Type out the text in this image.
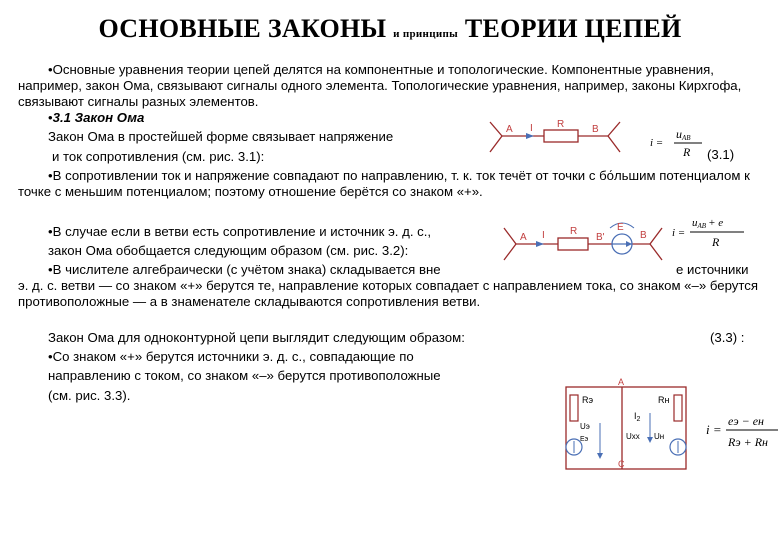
ОСНОВНЫЕ ЗАКОНЫ и принципы ТЕОРИИ ЦЕПЕЙ
•Основные уравнения теории цепей делятся на компонентные и топологические. Компонентные уравнения, например, закон Ома, связывают сигналы одного элемента. Топологические уравнения, например, законы Кирхгофа, связывают сигналы разных элементов.
•3.1 Закон Ома
Закон Ома в простейшей форме связывает напряжение
и ток сопротивления (см. рис. 3.1):	(3.1)
•В сопротивлении ток и напряжение совпадают по направлению, т. к. ток течёт от точки с бо́льшим потенциалом к точке с меньшим потенциалом; поэтому отношение берётся со знаком «+».
•В случае если в ветви есть сопротивление и источник э. д. с.,
закон Ома обобщается следующим образом (см. рис. 3.2):
•В числителе алгебраически (с учётом знака) складывается вне	е источники
э. д. с. ветви — со знаком «+» берутся те, направление которых совпадает с направлением тока, со знаком «–» берутся противоположные — а в знаменателе складываются сопротивления ветви.
Закон Ома для одноконтурной цепи выглядит следующим образом:	(3.3) :
•Со знаком «+» берутся источники э. д. с., совпадающие по
направлению с током, со знаком «–» берутся противоположные
(см. рис. 3.3).
A I R	B
i =
uAB
R
A I	R
B'
E
B i =
uAB + e
R
Rэ	Rн
A
$I_2$
Uэ
Eэ	Uхх Uн
C
i =
eэ − eн
Rэ + Rн
